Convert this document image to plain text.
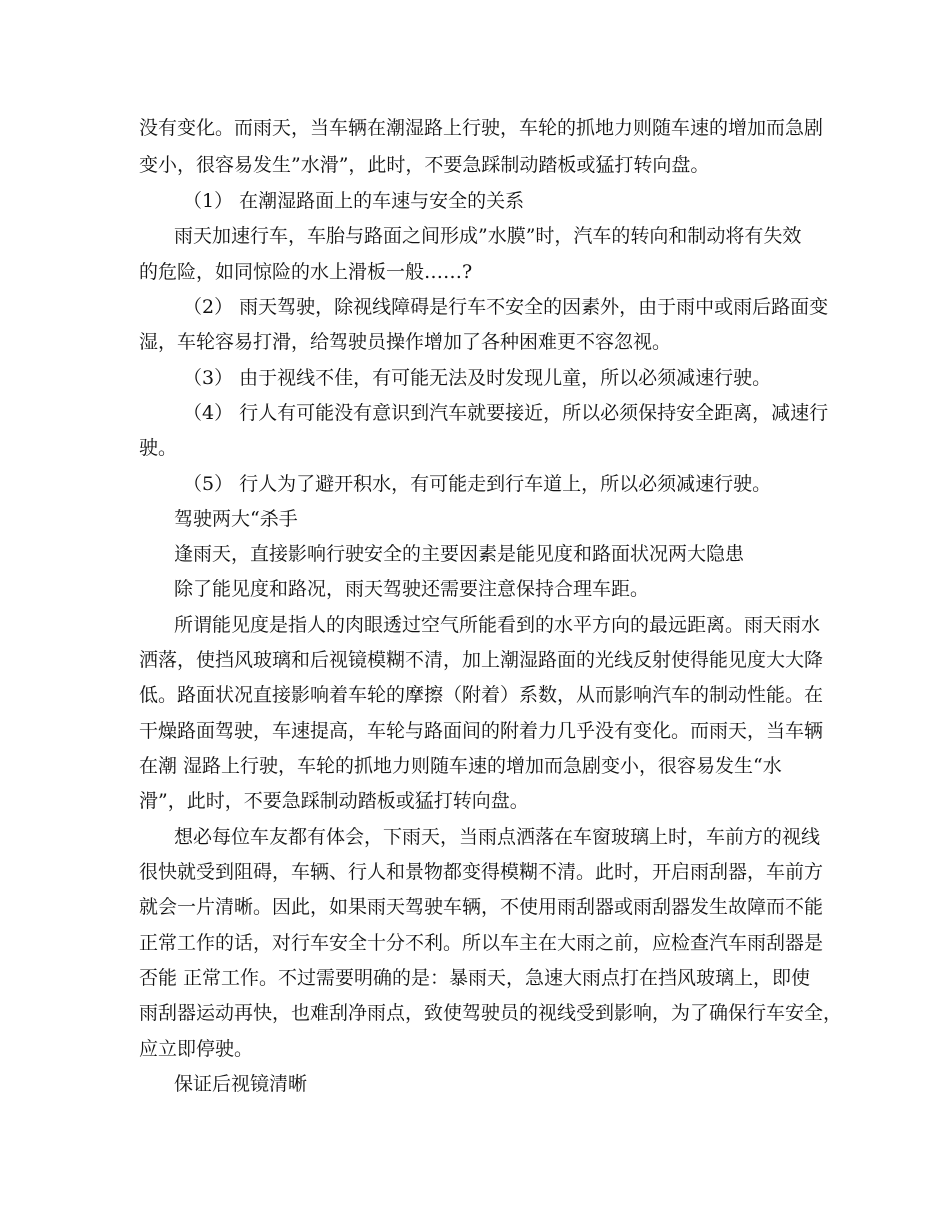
没有变化。而雨天，当车辆在潮湿路上行驶，车轮的抓地力则随车速的增加而急剧
变小，很容易发生”水滑”，此时，不要急踩制动踏板或猛打转向盘。
（1） 在潮湿路面上的车速与安全的关系
雨天加速行车，车胎与路面之间形成”水膜”时，汽车的转向和制动将有失效
的危险，如同惊险的水上滑板一般……?
（2） 雨天驾驶，除视线障碍是行车不安全的因素外，由于雨中或雨后路面变
湿，车轮容易打滑，给驾驶员操作增加了各种困难更不容忽视。
（3） 由于视线不佳，有可能无法及时发现儿童，所以必须减速行驶。
（4） 行人有可能没有意识到汽车就要接近，所以必须保持安全距离，减速行
驶。
（5） 行人为了避开积水，有可能走到行车道上，所以必须减速行驶。
驾驶两大“杀手
逢雨天，直接影响行驶安全的主要因素是能见度和路面状况两大隐患
除了能见度和路况，雨天驾驶还需要注意保持合理车距。
所谓能见度是指人的肉眼透过空气所能看到的水平方向的最远距离。雨天雨水
洒落，使挡风玻璃和后视镜模糊不清，加上潮湿路面的光线反射使得能见度大大降
低。路面状况直接影响着车轮的摩擦（附着）系数，从而影响汽车的制动性能。在
干燥路面驾驶，车速提高，车轮与路面间的附着力几乎没有变化。而雨天，当车辆
在潮 湿路上行驶，车轮的抓地力则随车速的增加而急剧变小，很容易发生“水
滑”，此时，不要急踩制动踏板或猛打转向盘。
想必每位车友都有体会，下雨天，当雨点洒落在车窗玻璃上时，车前方的视线
很快就受到阻碍，车辆、行人和景物都变得模糊不清。此时，开启雨刮器，车前方
就会一片清晰。因此，如果雨天驾驶车辆，不使用雨刮器或雨刮器发生故障而不能
正常工作的话，对行车安全十分不利。所以车主在大雨之前，应检查汽车雨刮器是
否能 正常工作。不过需要明确的是：暴雨天，急速大雨点打在挡风玻璃上，即使
雨刮器运动再快，也难刮净雨点，致使驾驶员的视线受到影响，为了确保行车安全，
应立即停驶。
保证后视镜清晰
